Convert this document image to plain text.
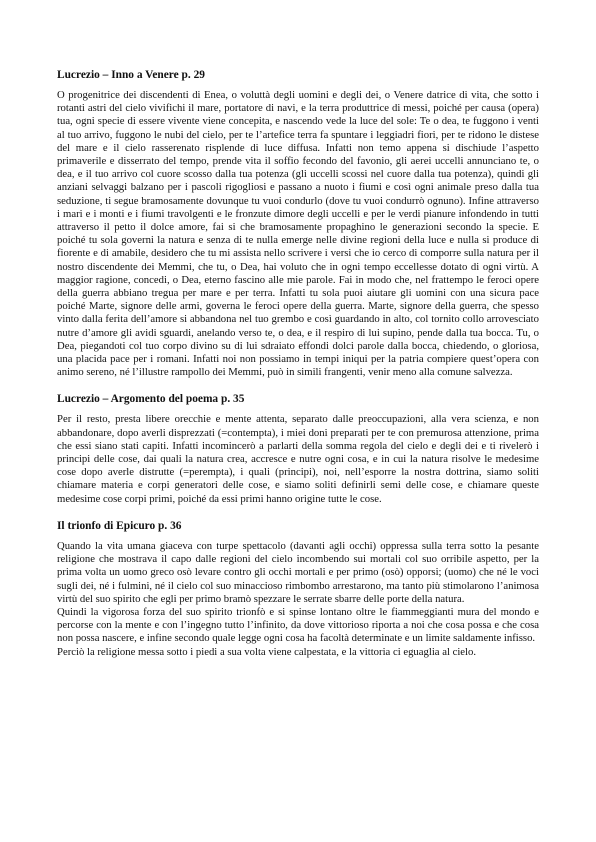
Lucrezio – Inno a Venere p. 29

O progenitrice dei discendenti di Enea, o voluttà degli uomini e degli dei, o Venere datrice di vita, che sotto i rotanti astri del cielo vivifichi il mare, portatore di navi, e la terra produttrice di messi, poiché per causa (opera) tua, ogni specie di essere vivente viene concepita, e nascendo vede la luce del sole: Te o dea, te fuggono i venti al tuo arrivo, fuggono le nubi del cielo, per te l’artefice terra fa spuntare i leggiadri fiori, per te ridono le distese del mare e il cielo rasserenato risplende di luce diffusa. Infatti non temo appena si dischiude l’aspetto primaverile e disserrato del tempo, prende vita il soffio fecondo del favonio, gli aerei uccelli annunciano te, o dea, e il tuo arrivo col cuore scosso dalla tua potenza (gli uccelli scossi nel cuore dalla tua potenza), quindi gli anziani selvaggi balzano per i pascoli rigogliosi e passano a nuoto i fiumi e così ogni animale preso dalla tua seduzione, ti segue bramosamente dovunque tu vuoi condurlo (dove tu vuoi condurrò ognuno). Infine attraverso i mari e i monti e i fiumi travolgenti e le fronzute dimore degli uccelli e per le verdi pianure infondendo in tutti attraverso il petto il dolce amore, fai si che bramosamente propaghino le generazioni secondo la specie. E poiché tu sola governi la natura e senza di te nulla emerge nelle divine regioni della luce e nulla si produce di fiorente e di amabile, desidero che tu mi assista nello scrivere i versi che io cerco di comporre sulla natura per il nostro discendente dei Memmi, che tu, o Dea, hai voluto che in ogni tempo eccellesse dotato di ogni virtù. A maggior ragione, concedi, o Dea, eterno fascino alle mie parole. Fai in modo che, nel frattempo le feroci opere della guerra abbiano tregua per mare e per terra. Infatti tu sola puoi aiutare gli uomini con una sicura pace poiché Marte, signore delle armi, governa le feroci opere della guerra. Marte, signore della guerra, che spesso vinto dalla ferita dell’amore si abbandona nel tuo grembo e così guardando in alto, col tornito collo arrovesciato nutre d’amore gli avidi sguardi, anelando verso te, o dea, e il respiro di lui supino, pende dalla tua bocca. Tu, o Dea, piegandoti col tuo corpo divino su di lui sdraiato effondi dolci parole dalla bocca, chiedendo, o gloriosa, una placida pace per i romani. Infatti noi non possiamo in tempi iniqui per la patria compiere quest’opera con animo sereno, né l’illustre rampollo dei Memmi, può in simili frangenti, venir meno alla comune salvezza.

Lucrezio – Argomento del poema p. 35

Per il resto, presta libere orecchie e mente attenta, separato dalle preoccupazioni, alla vera scienza, e non abbandonare, dopo averli disprezzati (=contempta), i miei doni preparati per te con premurosa attenzione, prima che essi siano stati capiti. Infatti incomincerò a parlarti della somma regola del cielo e degli dei e ti rivelerò i principi delle cose, dai quali la natura crea, accresce e nutre ogni cosa, e in cui la natura risolve le medesime cose dopo averle distrutte (=perempta), i quali (principi), noi, nell’esporre la nostra dottrina, siamo soliti chiamare materia e corpi generatori delle cose, e siamo soliti definirli semi delle cose, e chiamare queste medesime cose corpi primi, poiché da essi primi hanno origine tutte le cose.

Il trionfo di Epicuro p. 36

Quando la vita umana giaceva con turpe spettacolo (davanti agli occhi) oppressa sulla terra sotto la pesante religione che mostrava il capo dalle regioni del cielo incombendo sui mortali col suo orribile aspetto, per la prima volta un uomo greco osò levare contro gli occhi mortali e per primo (osò) opporsi; (uomo) che né le voci sugli dei, né i fulmini, né il cielo col suo minaccioso rimbombo arrestarono, ma tanto più stimolarono l’animosa virtù del suo spirito che egli per primo bramò spezzare le serrate sbarre delle porte della natura.

Quindi la vigorosa forza del suo spirito trionfò e si spinse lontano oltre le fiammeggianti mura del mondo e percorse con la mente e con l’ingegno tutto l’infinito, da dove vittorioso riporta a noi che cosa possa e che cosa non possa nascere, e infine secondo quale legge ogni cosa ha facoltà determinate e un limite saldamente infisso.

Perciò la religione messa sotto i piedi a sua volta viene calpestata, e la vittoria ci eguaglia al cielo.
